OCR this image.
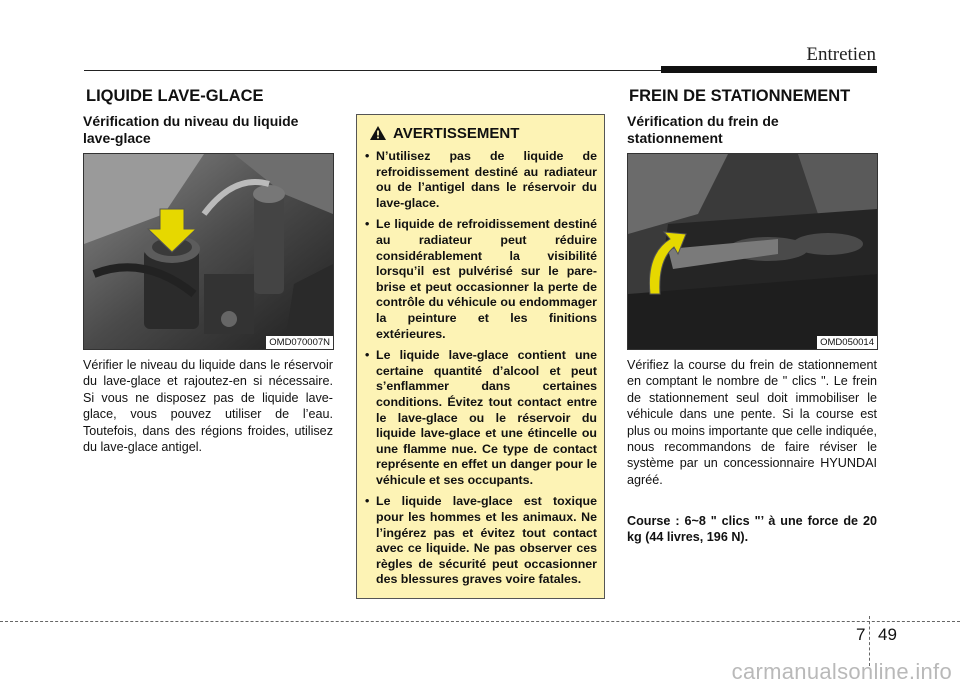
Entretien
LIQUIDE LAVE-GLACE
Vérification du niveau du liquide lave-glace
OMD070007N
Vérifier le niveau du liquide dans le réservoir du lave-glace et rajoutez-en si nécessaire. Si vous ne disposez pas de liquide lave-glace, vous pouvez utiliser de l’eau. Toutefois, dans des régions froides, utilisez du lave-glace antigel.
AVERTISSEMENT
• N’utilisez pas de liquide de refroidissement destiné au radiateur ou de l’antigel dans le réservoir du lave-glace.
• Le liquide de refroidissement destiné au radiateur peut réduire considérablement la visibilité lorsqu’il est pulvérisé sur le pare-brise et peut occasionner la perte de contrôle du véhicule ou endommager la peinture et les finitions extérieures.
• Le liquide lave-glace contient une certaine quantité d’alcool et peut s’enflammer dans certaines conditions. Évitez tout contact entre le lave-glace ou le réservoir du liquide lave-glace et une étincelle ou une flamme nue. Ce type de contact représente en effet un danger pour le véhicule et ses occupants.
• Le liquide lave-glace est toxique pour les hommes et les animaux. Ne l’ingérez pas et évitez tout contact avec ce liquide. Ne pas observer ces règles de sécurité peut occasionner des blessures graves voire fatales.
FREIN DE STATIONNEMENT
Vérification du frein de stationnement
OMD050014
Vérifiez la course du frein de stationnement en comptant le nombre de " clics ". Le frein de stationnement seul doit immobiliser le véhicule dans une pente. Si la course est plus ou moins importante que celle indiquée, nous recommandons de faire réviser le système par un concessionnaire HYUNDAI agréé.
Course : 6~8 " clics "’ à une force de 20 kg (44 livres, 196 N).
7 49
carmanualsonline.info
